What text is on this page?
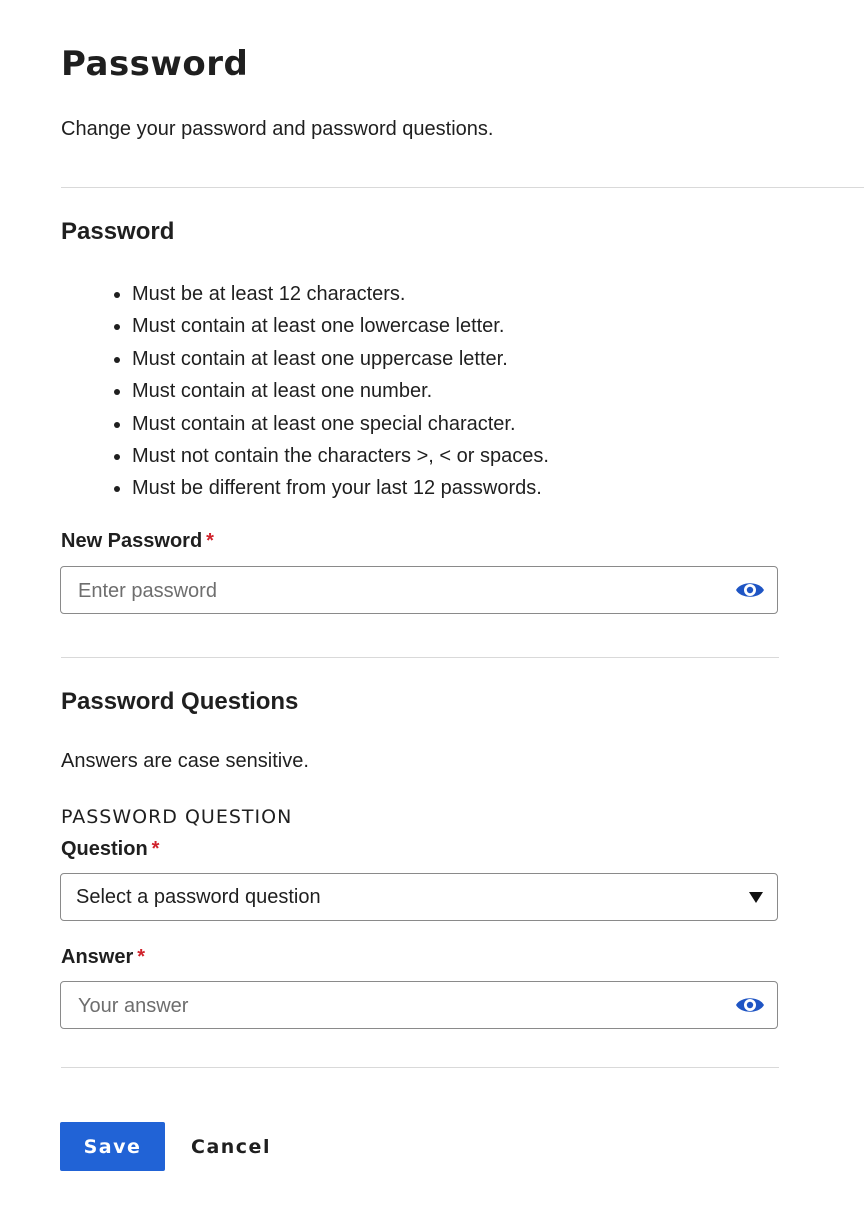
Password
Change your password and password questions.
Password
• Must be at least 12 characters.
• Must contain at least one lowercase letter.
• Must contain at least one uppercase letter.
• Must contain at least one number.
• Must contain at least one special character.
• Must not contain the characters >, < or spaces.
• Must be different from your last 12 passwords.
New Password *
Password Questions
Answers are case sensitive.
PASSWORD QUESTION
Question *
Select a password question
Answer *
Save	Cancel
